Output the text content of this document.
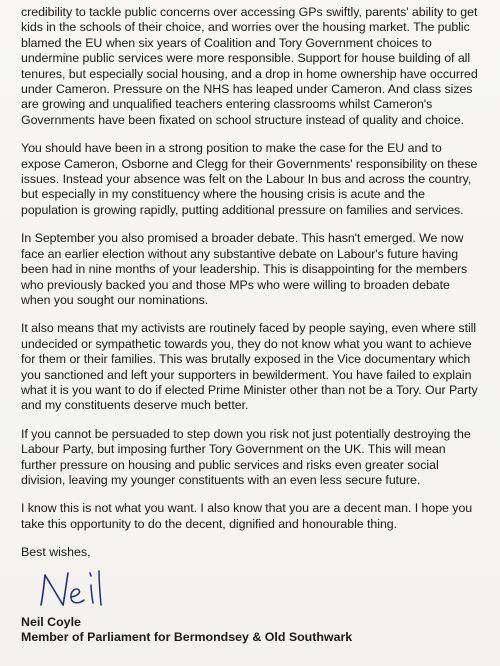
credibility to tackle public concerns over accessing GPs swiftly, parents' ability to get kids in the schools of their choice, and worries over the housing market. The public blamed the EU when six years of Coalition and Tory Government choices to undermine public services were more responsible. Support for house building of all tenures, but especially social housing, and a drop in home ownership have occurred under Cameron. Pressure on the NHS has leaped under Cameron. And class sizes are growing and unqualified teachers entering classrooms whilst Cameron's Governments have been fixated on school structure instead of quality and choice.

You should have been in a strong position to make the case for the EU and to expose Cameron, Osborne and Clegg for their Governments' responsibility on these issues. Instead your absence was felt on the Labour In bus and across the country, but especially in my constituency where the housing crisis is acute and the population is growing rapidly, putting additional pressure on families and services.

In September you also promised a broader debate. This hasn't emerged. We now face an earlier election without any substantive debate on Labour's future having been had in nine months of your leadership. This is disappointing for the members who previously backed you and those MPs who were willing to broaden debate when you sought our nominations.

It also means that my activists are routinely faced by people saying, even where still undecided or sympathetic towards you, they do not know what you want to achieve for them or their families. This was brutally exposed in the Vice documentary which you sanctioned and left your supporters in bewilderment. You have failed to explain what it is you want to do if elected Prime Minister other than not be a Tory. Our Party and my constituents deserve much better.

If you cannot be persuaded to step down you risk not just potentially destroying the Labour Party, but imposing further Tory Government on the UK. This will mean further pressure on housing and public services and risks even greater social division, leaving my younger constituents with an even less secure future.

I know this is not what you want. I also know that you are a decent man. I hope you take this opportunity to do the decent, dignified and honourable thing.

Best wishes,

Neil Coyle

Member of Parliament for Bermondsey & Old Southwark
